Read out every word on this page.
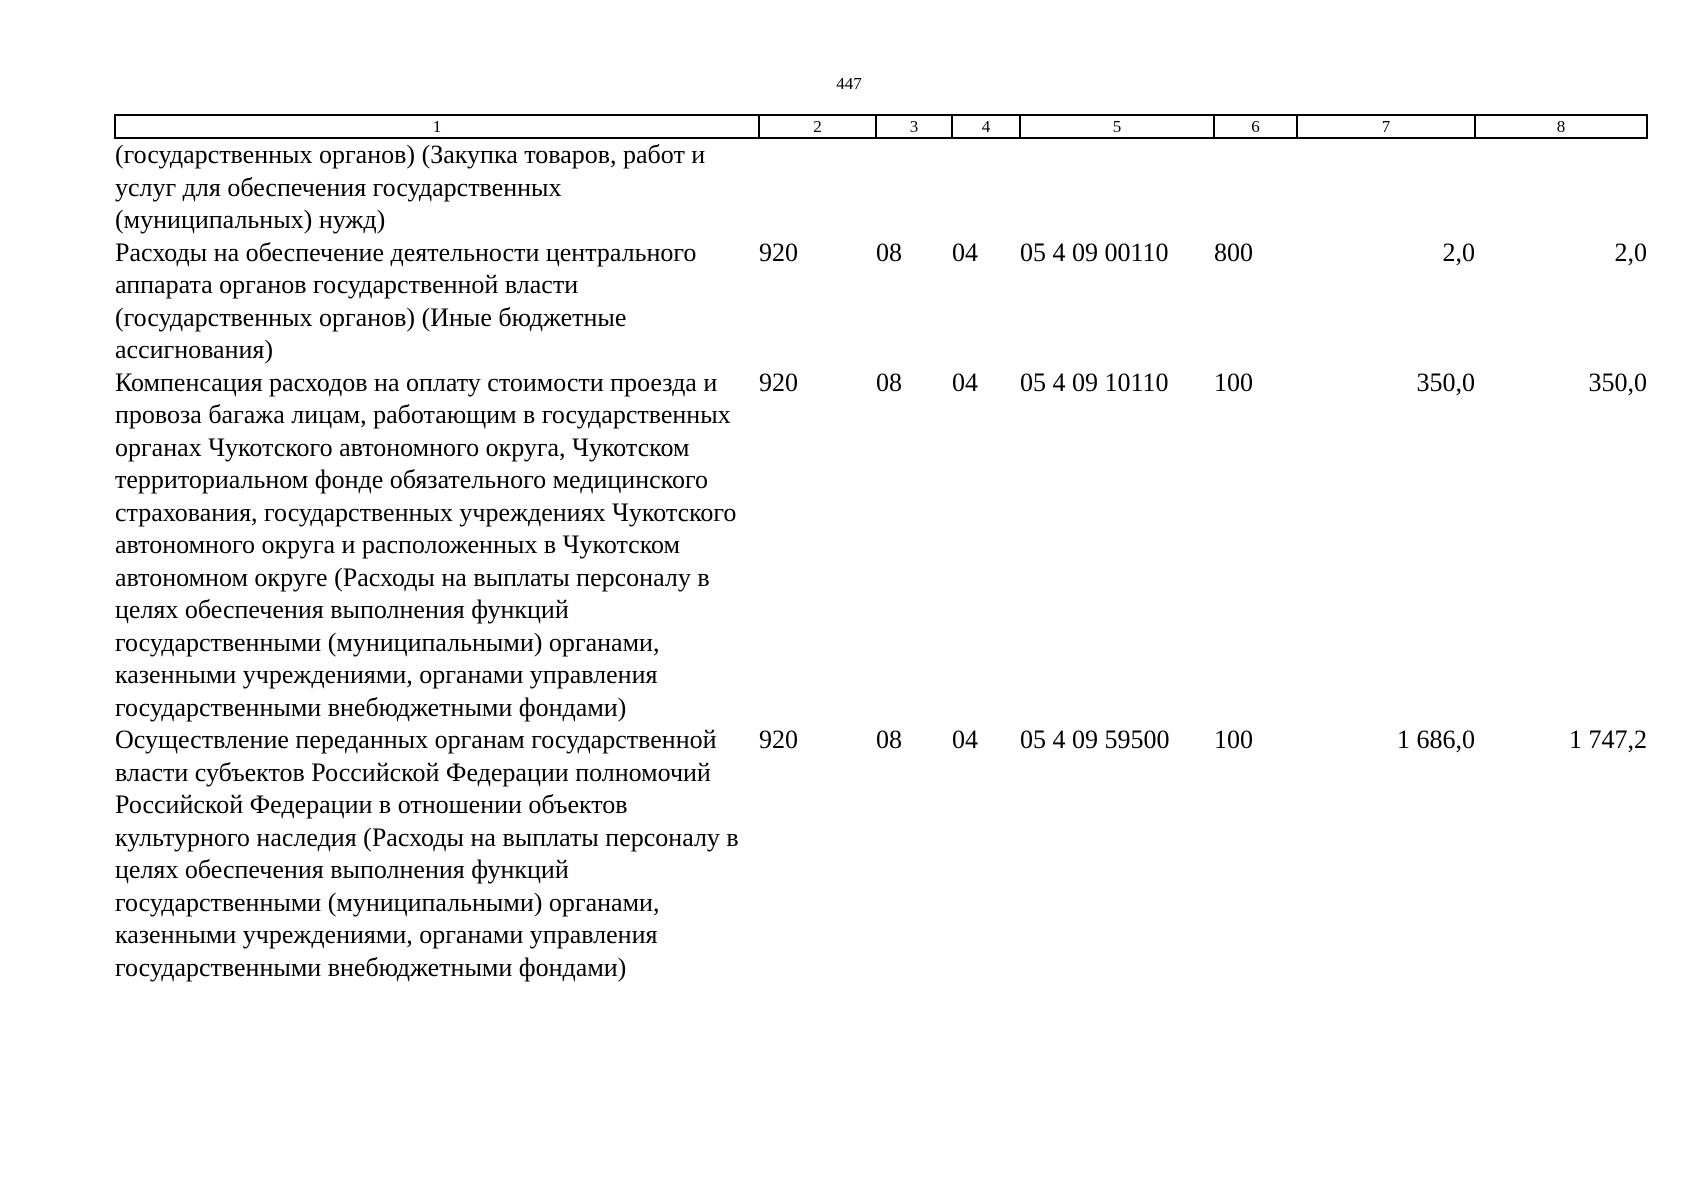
447
1	2	3	4	5	6	7	8
(государственных органов) (Закупка товаров, работ и услуг для обеспечения государственных (муниципальных) нужд)							
Расходы на обеспечение деятельности центрального аппарата органов государственной власти (государственных органов) (Иные бюджетные ассигнования)	920	08	04	05 4 09 00110	800	2,0	2,0
Компенсация расходов на оплату стоимости проезда и провоза багажа лицам, работающим в государственных органах Чукотского автономного округа, Чукотском территориальном фонде обязательного медицинского страхования, государственных учреждениях Чукотского автономного округа и расположенных в Чукотском автономном округе (Расходы на выплаты персоналу в целях обеспечения выполнения функций государственными (муниципальными) органами, казенными учреждениями, органами управления государственными внебюджетными фондами)	920	08	04	05 4 09 10110	100	350,0	350,0
Осуществление переданных органам государственной власти субъектов Российской Федерации полномочий Российской Федерации в отношении объектов культурного наследия (Расходы на выплаты персоналу в целях обеспечения выполнения функций государственными (муниципальными) органами, казенными учреждениями, органами управления государственными внебюджетными фондами)	920	08	04	05 4 09 59500	100	1 686,0	1 747,2
